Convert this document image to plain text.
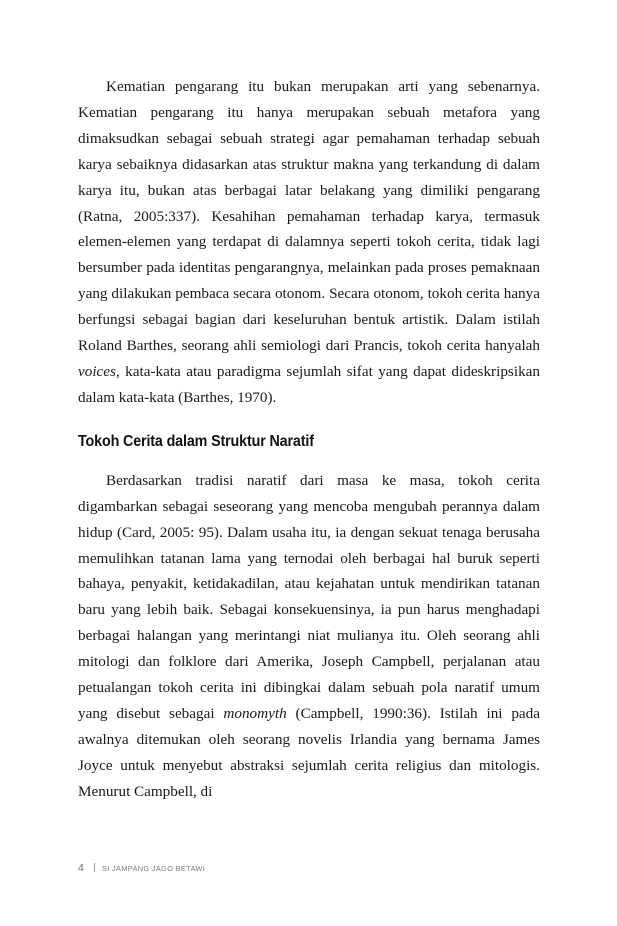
Kematian pengarang itu bukan merupakan arti yang sebenarnya. Kematian pengarang itu hanya merupakan sebuah metafora yang dimaksudkan sebagai sebuah strategi agar pemahaman terhadap sebuah karya sebaiknya didasarkan atas struktur makna yang terkandung di dalam karya itu, bukan atas berbagai latar belakang yang dimiliki pengarang (Ratna, 2005:337). Kesahihan pemahaman terhadap karya, termasuk elemen-elemen yang terdapat di dalamnya seperti tokoh cerita, tidak lagi bersumber pada identitas pengarangnya, melainkan pada proses pemaknaan yang dilakukan pembaca secara otonom. Secara otonom, tokoh cerita hanya berfungsi sebagai bagian dari keseluruhan bentuk artistik. Dalam istilah Roland Barthes, seorang ahli semiologi dari Prancis, tokoh cerita hanyalah voices, kata-kata atau paradigma sejumlah sifat yang dapat dideskripsikan dalam kata-kata (Barthes, 1970).

Tokoh Cerita dalam Struktur Naratif

Berdasarkan tradisi naratif dari masa ke masa, tokoh cerita digambarkan sebagai seseorang yang mencoba mengubah perannya dalam hidup (Card, 2005: 95). Dalam usaha itu, ia dengan sekuat tenaga berusaha memulihkan tatanan lama yang ternodai oleh berbagai hal buruk seperti bahaya, penyakit, ketidakadilan, atau kejahatan untuk mendirikan tatanan baru yang lebih baik. Sebagai konsekuensinya, ia pun harus menghadapi berbagai halangan yang merintangi niat mulianya itu. Oleh seorang ahli mitologi dan folklore dari Amerika, Joseph Campbell, perjalanan atau petualangan tokoh cerita ini dibingkai dalam sebuah pola naratif umum yang disebut sebagai monomyth (Campbell, 1990:36). Istilah ini pada awalnya ditemukan oleh seorang novelis Irlandia yang bernama James Joyce untuk menyebut abstraksi sejumlah cerita religius dan mitologis. Menurut Campbell, di

4 SI JAMPANG JAGO BETAWI
